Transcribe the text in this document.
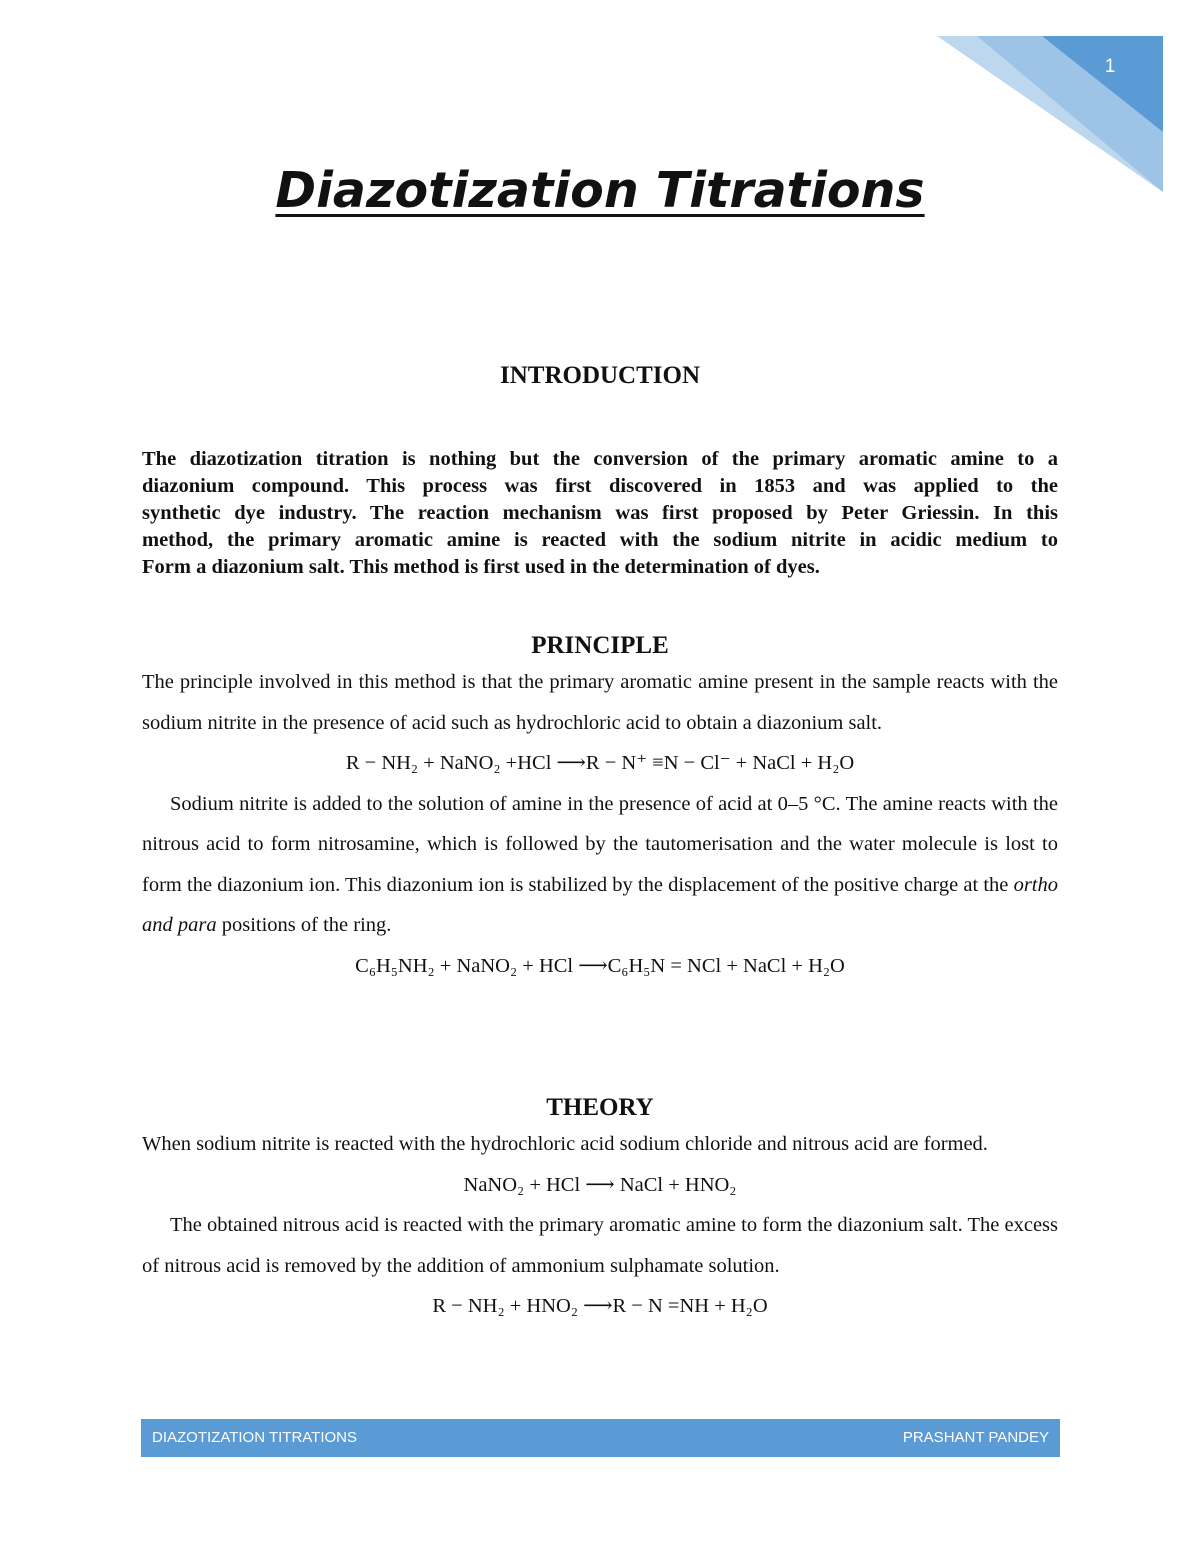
1
Diazotization Titrations
INTRODUCTION
The diazotization titration is nothing but the conversion of the primary aromatic amine to a
diazonium compound. This process was first discovered in 1853 and was applied to the
synthetic dye industry. The reaction mechanism was first proposed by Peter Griessin. In this
method, the primary aromatic amine is reacted with the sodium nitrite in acidic medium to
Form a diazonium salt. This method is first used in the determination of dyes.
PRINCIPLE

The principle involved in this method is that the primary aromatic amine present in the sample reacts with the sodium nitrite in the presence of acid such as hydrochloric acid to obtain a diazonium salt.

R − NH₂ + NaNO₂ +HCl ⟶R − N⁺ ≡N − Cl⁻ + NaCl + H₂O

Sodium nitrite is added to the solution of amine in the presence of acid at 0–5 °C. The amine reacts with the nitrous acid to form nitrosamine, which is followed by the tautomerisation and the water molecule is lost to form the diazonium ion. This diazonium ion is stabilized by the displacement of the positive charge at the ortho and para positions of the ring.

C₆H₅NH₂ + NaNO₂ + HCl ⟶C₆H₅N = NCl + NaCl + H₂O

THEORY

When sodium nitrite is reacted with the hydrochloric acid sodium chloride and nitrous acid are formed.

NaNO₂ + HCl ⟶ NaCl + HNO₂

The obtained nitrous acid is reacted with the primary aromatic amine to form the diazonium salt. The excess of nitrous acid is removed by the addition of ammonium sulphamate solution.

R − NH₂ + HNO₂ ⟶R − N =NH + H₂O

DIAZOTIZATION TITRATIONS	PRASHANT PANDEY
